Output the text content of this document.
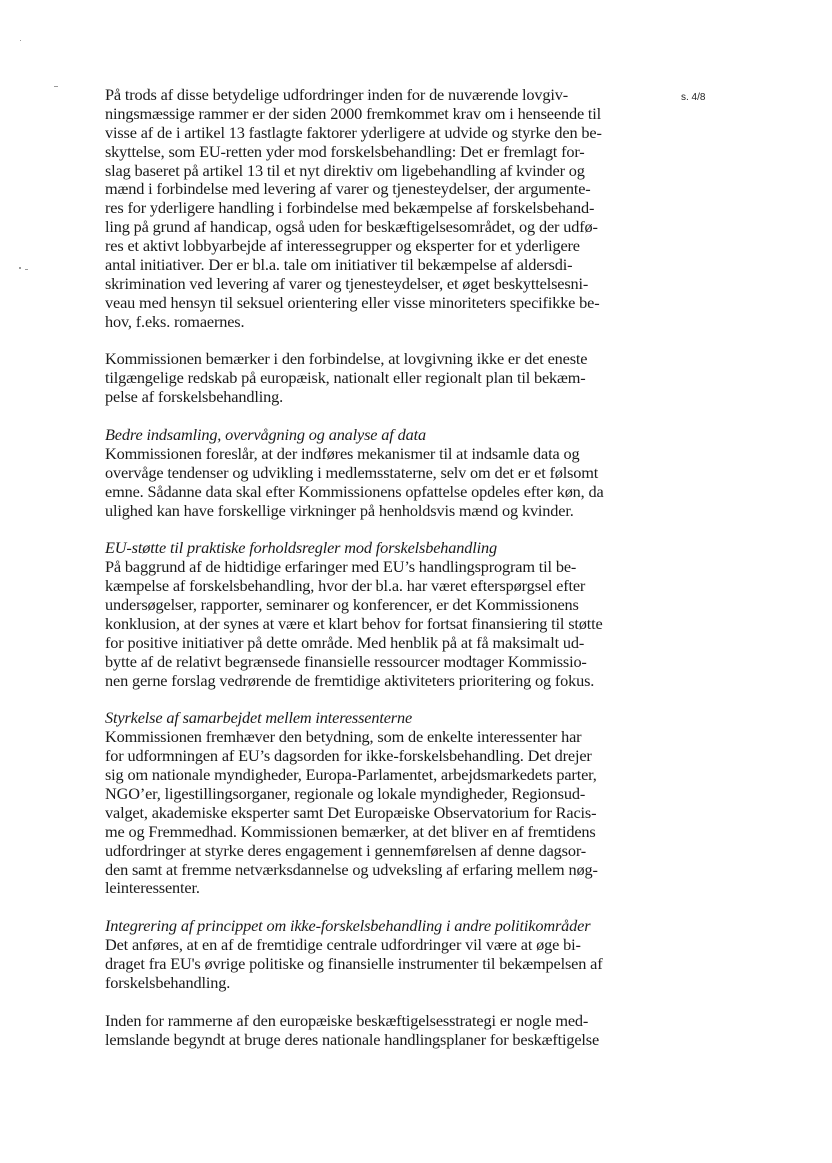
s. 4/8
På trods af disse betydelige udfordringer inden for de nuværende lovgiv-
ningsmæssige rammer er der siden 2000 fremkommet krav om i henseende til
visse af de i artikel 13 fastlagte faktorer yderligere at udvide og styrke den be-
skyttelse, som EU-retten yder mod forskelsbehandling: Det er fremlagt for-
slag baseret på artikel 13 til et nyt direktiv om ligebehandling af kvinder og
mænd i forbindelse med levering af varer og tjenesteydelser, der argumente-
res for yderligere handling i forbindelse med bekæmpelse af forskelsbehand-
ling på grund af handicap, også uden for beskæftigelsesområdet, og der udfø-
res et aktivt lobbyarbejde af interessegrupper og eksperter for et yderligere
antal initiativer. Der er bl.a. tale om initiativer til bekæmpelse af aldersdi-
skrimination ved levering af varer og tjenesteydelser, et øget beskyttelsesni-
veau med hensyn til seksuel orientering eller visse minoriteters specifikke be-
hov, f.eks. romaernes.
Kommissionen bemærker i den forbindelse, at lovgivning ikke er det eneste
tilgængelige redskab på europæisk, nationalt eller regionalt plan til bekæm-
pelse af forskelsbehandling.
Bedre indsamling, overvågning og analyse af data
Kommissionen foreslår, at der indføres mekanismer til at indsamle data og
overvåge tendenser og udvikling i medlemsstaterne, selv om det er et følsomt
emne. Sådanne data skal efter Kommissionens opfattelse opdeles efter køn, da
ulighed kan have forskellige virkninger på henholdsvis mænd og kvinder.
EU-støtte til praktiske forholdsregler mod forskelsbehandling
På baggrund af de hidtidige erfaringer med EU’s handlingsprogram til be-
kæmpelse af forskelsbehandling, hvor der bl.a. har været efterspørgsel efter
undersøgelser, rapporter, seminarer og konferencer, er det Kommissionens
konklusion, at der synes at være et klart behov for fortsat finansiering til støtte
for positive initiativer på dette område. Med henblik på at få maksimalt ud-
bytte af de relativt begrænsede finansielle ressourcer modtager Kommissio-
nen gerne forslag vedrørende de fremtidige aktiviteters prioritering og fokus.
Styrkelse af samarbejdet mellem interessenterne
Kommissionen fremhæver den betydning, som de enkelte interessenter har
for udformningen af EU’s dagsorden for ikke-forskelsbehandling. Det drejer
sig om nationale myndigheder, Europa-Parlamentet, arbejdsmarkedets parter,
NGO’er, ligestillingsorganer, regionale og lokale myndigheder, Regionsud-
valget, akademiske eksperter samt Det Europæiske Observatorium for Racis-
me og Fremmedhad. Kommissionen bemærker, at det bliver en af fremtidens
udfordringer at styrke deres engagement i gennemførelsen af denne dagsor-
den samt at fremme netværksdannelse og udveksling af erfaring mellem nøg-
leinteressenter.
Integrering af princippet om ikke-forskelsbehandling i andre politikområder
Det anføres, at en af de fremtidige centrale udfordringer vil være at øge bi-
draget fra EU's øvrige politiske og finansielle instrumenter til bekæmpelsen af
forskelsbehandling.
Inden for rammerne af den europæiske beskæftigelsesstrategi er nogle med-
lemslande begyndt at bruge deres nationale handlingsplaner for beskæftigelse
